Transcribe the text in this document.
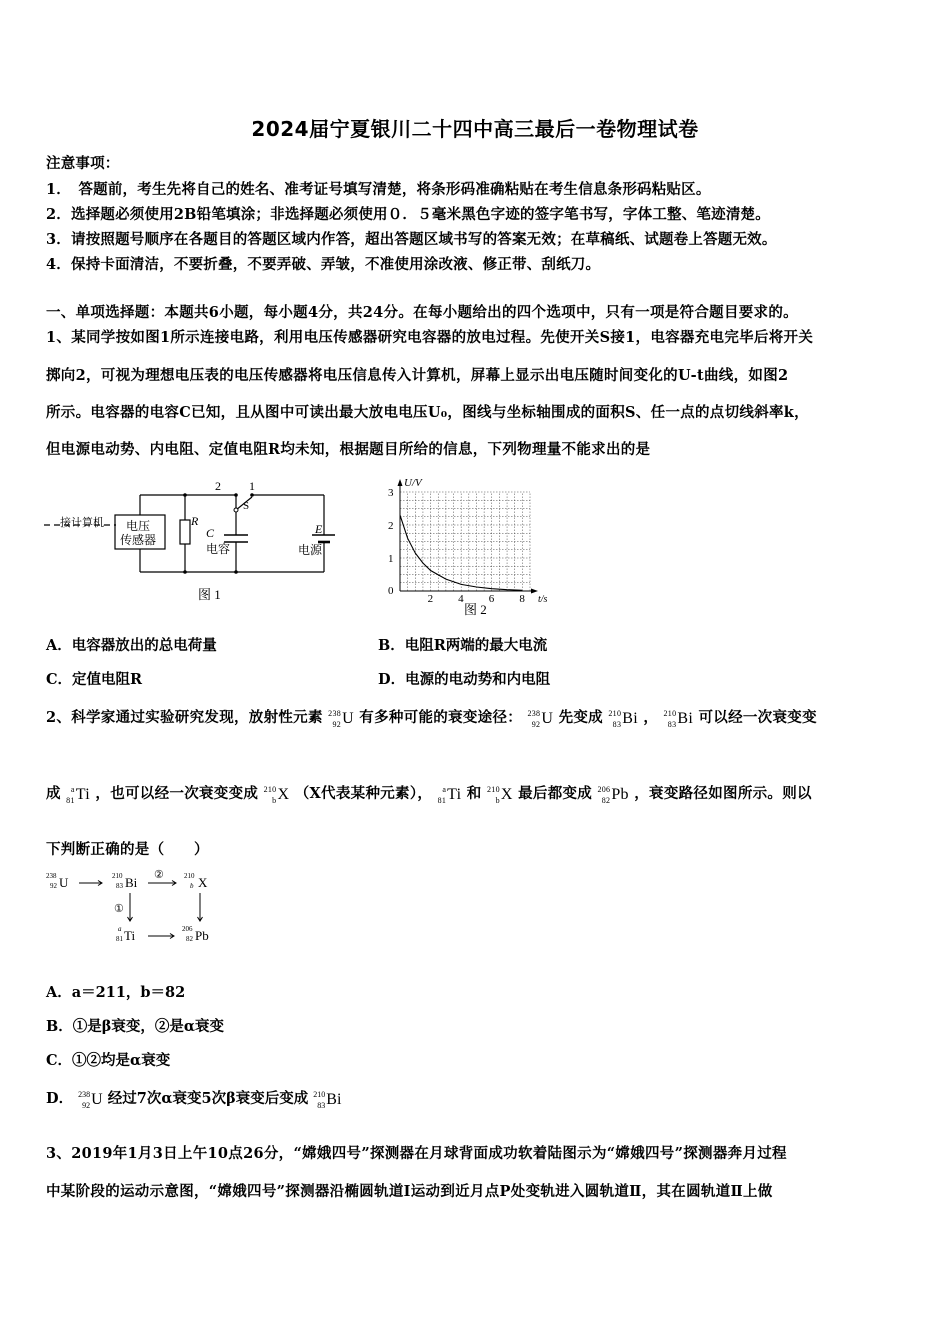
2024届宁夏银川二十四中高三最后一卷物理试卷
注意事项：
1．　答题前，考生先将自己的姓名、准考证号填写清楚，将条形码准确粘贴在考生信息条形码粘贴区。
2．选择题必须使用2B铅笔填涂；非选择题必须使用０．５毫米黑色字迹的签字笔书写，字体工整、笔迹清楚。
3．请按照题号顺序在各题目的答题区域内作答，超出答题区域书写的答案无效；在草稿纸、试题卷上答题无效。
4．保持卡面清洁，不要折叠，不要弄破、弄皱，不准使用涂改液、修正带、刮纸刀。
一、单项选择题：本题共6小题，每小题4分，共24分。在每小题给出的四个选项中，只有一项是符合题目要求的。
1、某同学按如图1所示连接电路，利用电压传感器研究电容器的放电过程。先使开关S接1，电容器充电完毕后将开关
掷向2，可视为理想电压表的电压传感器将电压信息传入计算机，屏幕上显示出电压随时间变化的U-t曲线，如图2
所示。电容器的电容C已知，且从图中可读出最大放电电压U₀，图线与坐标轴围成的面积S、任一点的点切线斜率k，
但电源电动势、内电阻、定值电阻R均未知，根据题目所给的信息，下列物理量不能求出的是
接计算机 电压
传感器
R
C
电容
E
电源
S
2 1
图 1
U/V
t/s
0
1
2
3
2 4 6 8
图 2
A．电容器放出的总电荷量	B．电阻R两端的最大电流
C．定值电阻R	D．电源的电动势和内电阻
2、科学家通过实验研究发现，放射性元素 238
92U 有多种可能的衰变途径： 238
92U 先变成 210
83Bi ， 210
83Bi 可以经一次衰变变
成 a
81Ti ，也可以经一次衰变变成 210
bX （X代表某种元素）， a
81Ti 和 210
bX 最后都变成 206
82Pb ，衰变路径如图所示。则以
下判断正确的是（　　）
238
92
210
83
210
b
a
81
206
82
U	Bi	X
Ti	Pb
②
①
A．a＝211，b＝82
B．①是β衰变，②是α衰变
C．①②均是α衰变
D． 238
92U 经过7次α衰变5次β衰变后变成 210
83Bi
3、2019年1月3日上午10点26分，“嫦娥四号”探测器在月球背面成功软着陆图示为“嫦娥四号”探测器奔月过程
中某阶段的运动示意图，“嫦娥四号”探测器沿椭圆轨道Ⅰ运动到近月点P处变轨进入圆轨道Ⅱ，其在圆轨道Ⅱ上做
